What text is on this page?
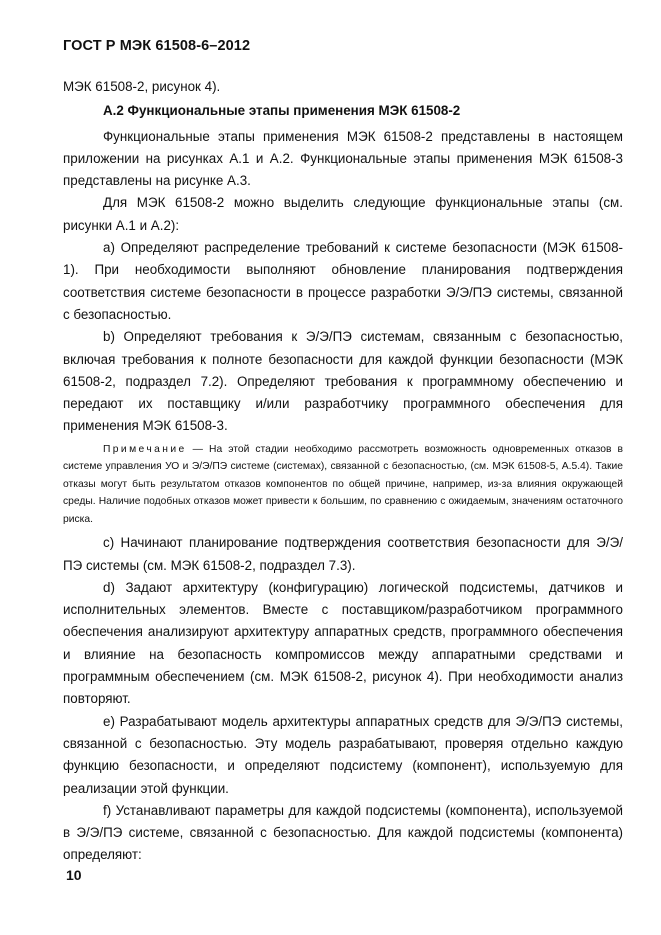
ГОСТ Р МЭК 61508-6–2012

МЭК 61508-2, рисунок 4).

А.2 Функциональные этапы применения МЭК 61508-2

Функциональные этапы применения МЭК 61508-2 представлены в настоящем приложении на рисунках А.1 и А.2. Функциональные этапы применения МЭК 61508-3 представлены на рисунке А.3.

Для МЭК 61508-2 можно выделить следующие функциональные этапы (см. рисунки А.1 и А.2):

a) Определяют распределение требований к системе безопасности (МЭК 61508-1). При необходимости выполняют обновление планирования подтверждения соответствия системе безопасности в процессе разработки Э/Э/ПЭ системы, связанной с безопасностью.

b) Определяют требования к Э/Э/ПЭ системам, связанным с безопасностью, включая требования к полноте безопасности для каждой функции безопасности (МЭК 61508-2, подраздел 7.2). Определяют требования к программному обеспечению и передают их поставщику и/или разработчику программного обеспечения для применения МЭК 61508-3.

Примечание — На этой стадии необходимо рассмотреть возможность одновременных отказов в системе управления УО и Э/Э/ПЭ системе (системах), связанной с безопасностью, (см. МЭК 61508-5, А.5.4). Такие отказы могут быть результатом отказов компонентов по общей причине, например, из-за влияния окружающей среды. Наличие подобных отказов может привести к большим, по сравнению с ожидаемым, значениям остаточного риска.

c) Начинают планирование подтверждения соответствия безопасности для Э/Э/ПЭ системы (см. МЭК 61508-2, подраздел 7.3).

d) Задают архитектуру (конфигурацию) логической подсистемы, датчиков и исполнительных элементов. Вместе с поставщиком/разработчиком программного обеспечения анализируют архитектуру аппаратных средств, программного обеспечения и влияние на безопасность компромиссов между аппаратными средствами и программным обеспечением (см. МЭК 61508-2, рисунок 4). При необходимости анализ повторяют.

e) Разрабатывают модель архитектуры аппаратных средств для Э/Э/ПЭ системы, связанной с безопасностью. Эту модель разрабатывают, проверяя отдельно каждую функцию безопасности, и определяют подсистему (компонент), используемую для реализации этой функции.

f) Устанавливают параметры для каждой подсистемы (компонента), используемой в Э/Э/ПЭ системе, связанной с безопасностью. Для каждой подсистемы (компонента) определяют:

10
